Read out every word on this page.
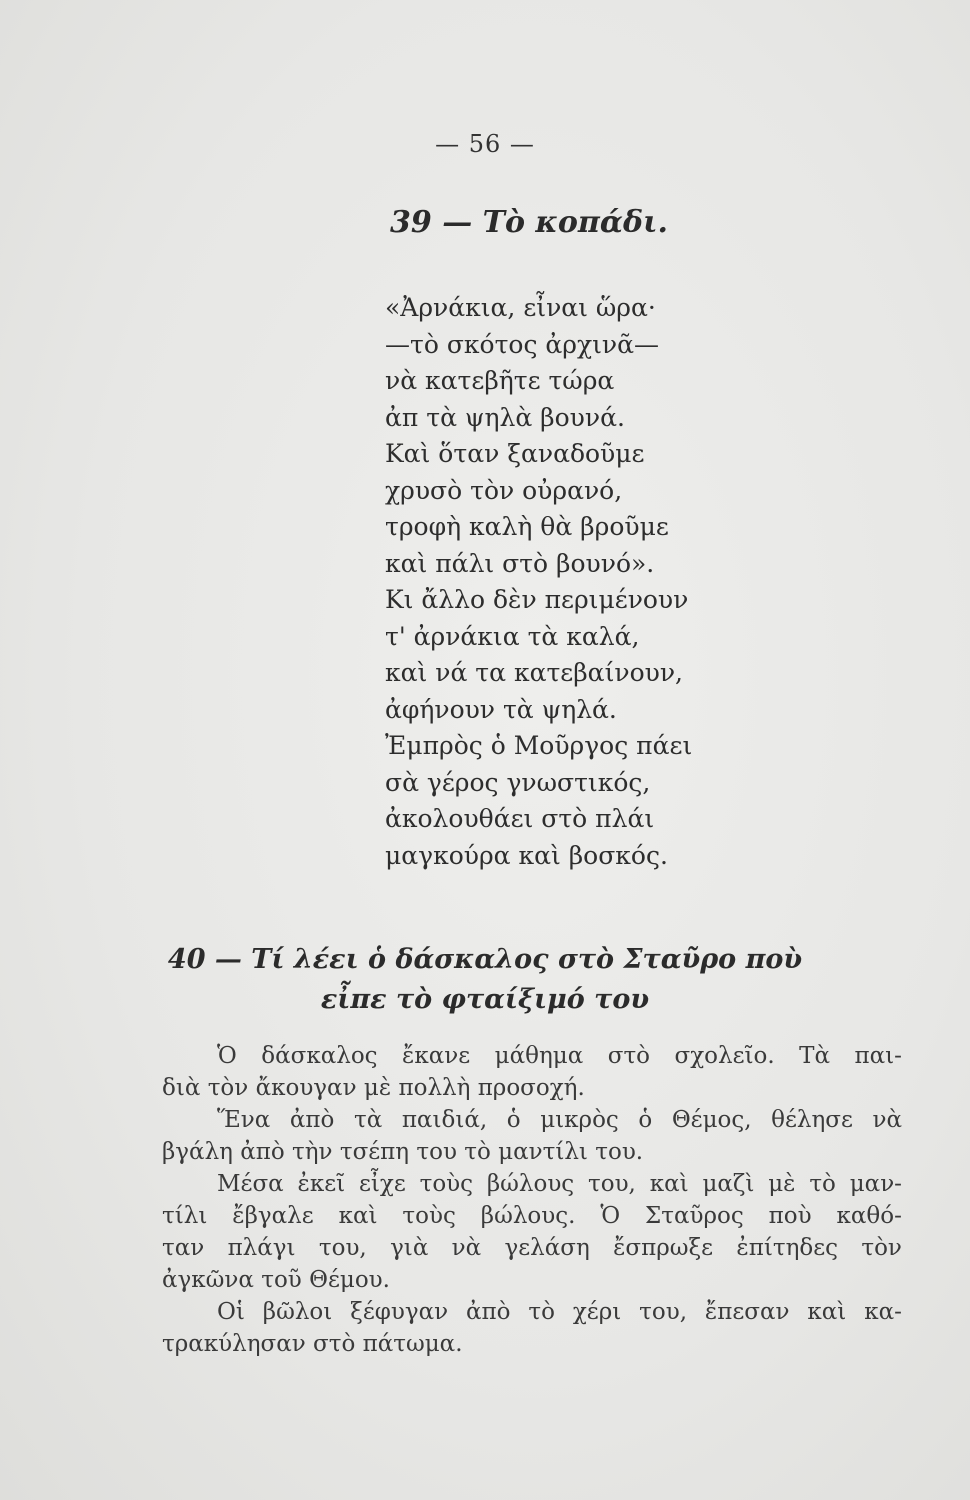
— 56 —
39 — Τὸ κοπάδι.
«Ἀρνάκια, εἶναι ὥρα·
—τὸ σκότος ἀρχινᾶ—
νὰ κατεβῆτε τώρα
ἀπ τὰ ψηλὰ βουνά.
Καὶ ὅταν ξαναδοῦμε
χρυσὸ τὸν οὐρανό,
τροφὴ καλὴ θὰ βροῦμε
καὶ πάλι στὸ βουνό».
Κι ἄλλο δὲν περιμένουν
τ' ἀρνάκια τὰ καλά,
καὶ νά τα κατεβαίνουν,
ἀφήνουν τὰ ψηλά.
Ἐμπρὸς ὁ Μοῦργος πάει
σὰ γέρος γνωστικός,
ἀκολουθάει στὸ πλάι
μαγκούρα καὶ βοσκός.
40 — Τί λέει ὁ δάσκαλος στὸ Σταῦρο ποὺ
εἶπε τὸ φταίξιμό του
Ὁ δάσκαλος ἔκανε μάθημα στὸ σχολεῖο. Τὰ παι-
διὰ τὸν ἄκουγαν μὲ πολλὴ προσοχή.
Ἕνα ἀπὸ τὰ παιδιά, ὁ μικρὸς ὁ Θέμος, θέλησε νὰ
βγάλη ἀπὸ τὴν τσέπη του τὸ μαντίλι του.
Μέσα ἐκεῖ εἶχε τοὺς βώλους του, καὶ μαζὶ μὲ τὸ μαν-
τίλι ἔβγαλε καὶ τοὺς βώλους. Ὁ Σταῦρος ποὺ καθό-
ταν πλάγι του, γιὰ νὰ γελάση ἔσπρωξε ἐπίτηδες τὸν
ἀγκῶνα τοῦ Θέμου.
Οἱ βῶλοι ξέφυγαν ἀπὸ τὸ χέρι του, ἔπεσαν καὶ κα-
τρακύλησαν στὸ πάτωμα.
